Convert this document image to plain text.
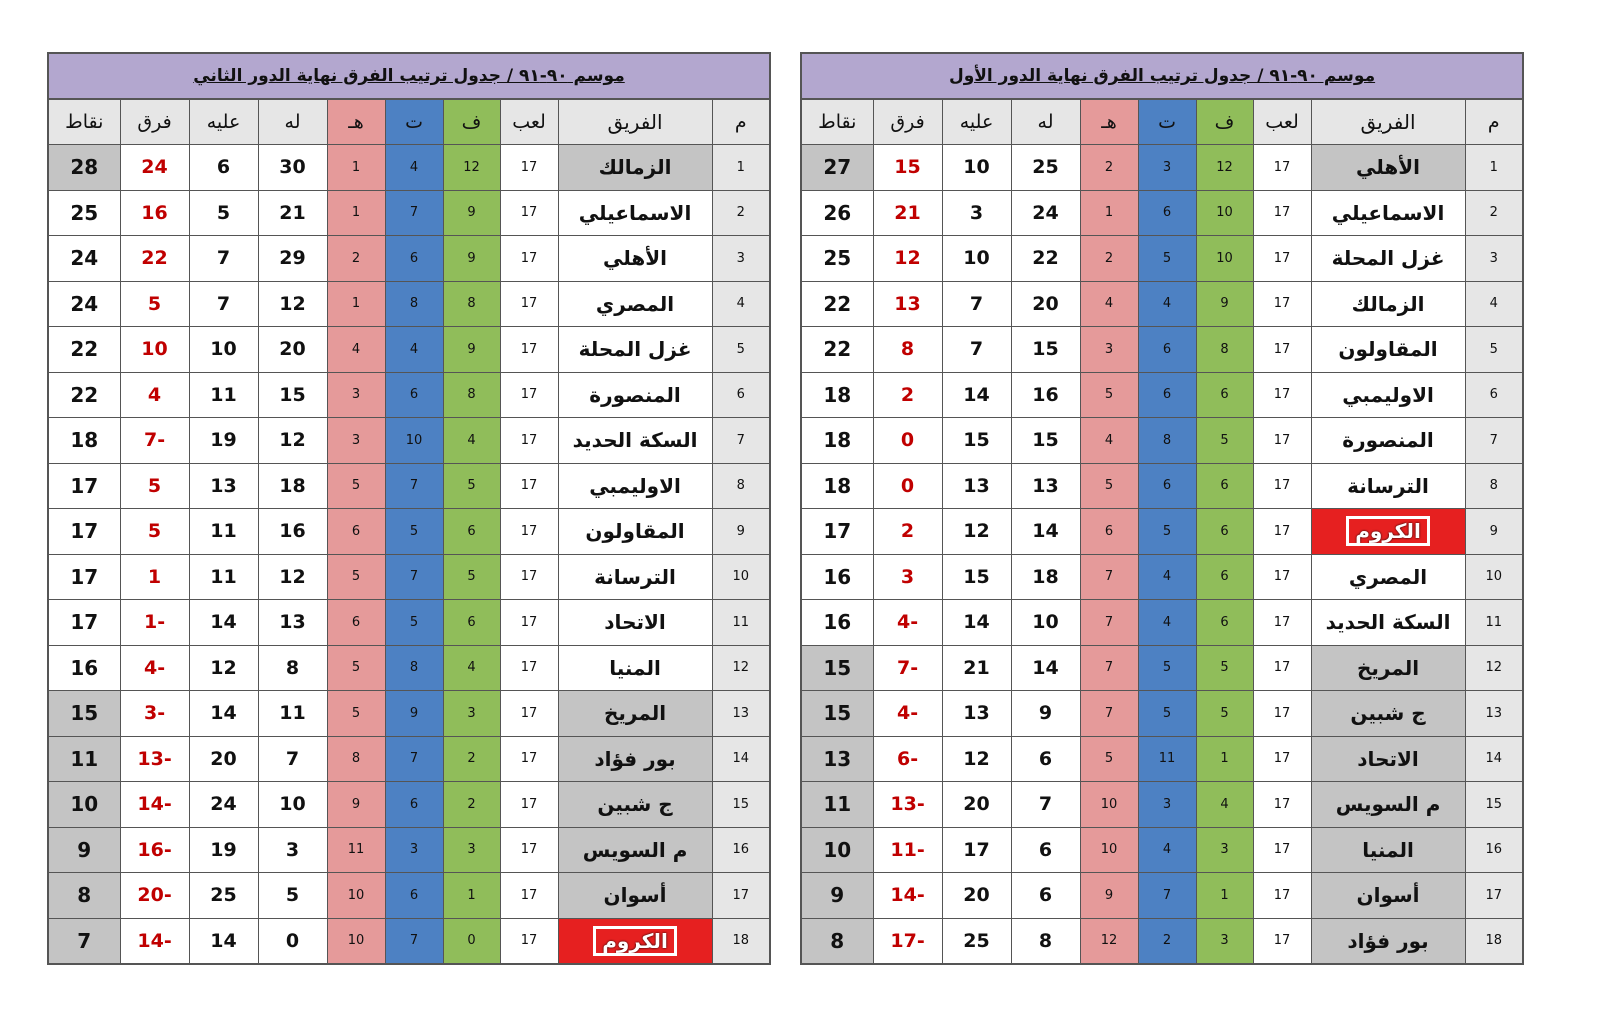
موسم ٩٠-٩١ / جدول ترتيب الفرق نهاية الدور الثاني									
م	الفريق	لعب	ف	ت	هـ	له	عليه	فرق	نقاط
1	الزمالك	17	12	4	1	30	6	24	28
2	الاسماعيلي	17	9	7	1	21	5	16	25
3	الأهلي	17	9	6	2	29	7	22	24
4	المصري	17	8	8	1	12	7	5	24
5	غزل المحلة	17	9	4	4	20	10	10	22
6	المنصورة	17	8	6	3	15	11	4	22
7	السكة الحديد	17	4	10	3	12	19	-7	18
8	الاوليمبي	17	5	7	5	18	13	5	17
9	المقاولون	17	6	5	6	16	11	5	17
10	الترسانة	17	5	7	5	12	11	1	17
11	الاتحاد	17	6	5	6	13	14	-1	17
12	المنيا	17	4	8	5	8	12	-4	16
13	المريخ	17	3	9	5	11	14	-3	15
14	بور فؤاد	17	2	7	8	7	20	-13	11
15	ج شبين	17	2	6	9	10	24	-14	10
16	م السويس	17	3	3	11	3	19	-16	9
17	أسوان	17	1	6	10	5	25	-20	8
18	الكروم	17	0	7	10	0	14	-14	7
موسم ٩٠-٩١ / جدول ترتيب الفرق نهاية الدور الأول									
م	الفريق	لعب	ف	ت	هـ	له	عليه	فرق	نقاط
1	الأهلي	17	12	3	2	25	10	15	27
2	الاسماعيلي	17	10	6	1	24	3	21	26
3	غزل المحلة	17	10	5	2	22	10	12	25
4	الزمالك	17	9	4	4	20	7	13	22
5	المقاولون	17	8	6	3	15	7	8	22
6	الاوليمبي	17	6	6	5	16	14	2	18
7	المنصورة	17	5	8	4	15	15	0	18
8	الترسانة	17	6	6	5	13	13	0	18
9	الكروم	17	6	5	6	14	12	2	17
10	المصري	17	6	4	7	18	15	3	16
11	السكة الحديد	17	6	4	7	10	14	-4	16
12	المريخ	17	5	5	7	14	21	-7	15
13	ج شبين	17	5	5	7	9	13	-4	15
14	الاتحاد	17	1	11	5	6	12	-6	13
15	م السويس	17	4	3	10	7	20	-13	11
16	المنيا	17	3	4	10	6	17	-11	10
17	أسوان	17	1	7	9	6	20	-14	9
18	بور فؤاد	17	3	2	12	8	25	-17	8
